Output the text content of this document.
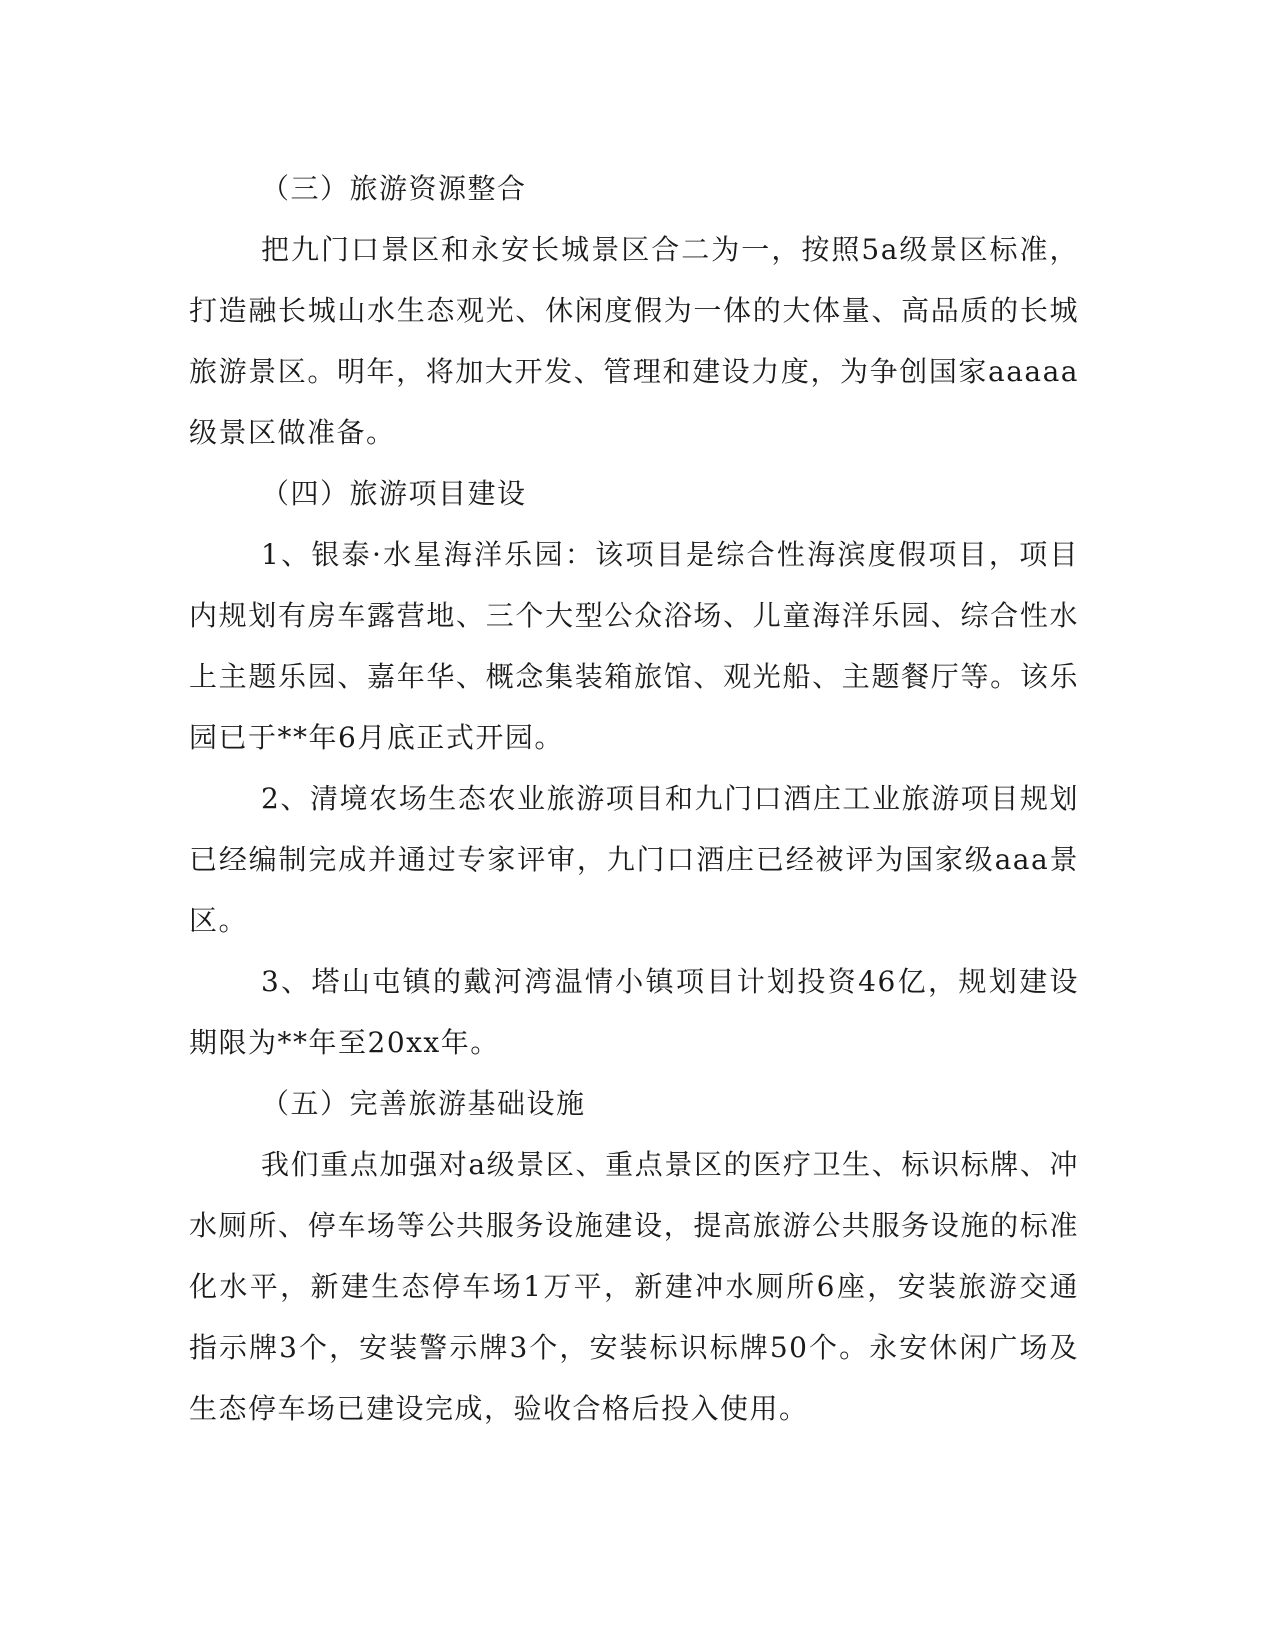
（三）旅游资源整合

把九门口景区和永安长城景区合二为一，按照5a级景区标准，打造融长城山水生态观光、休闲度假为一体的大体量、高品质的长城旅游景区。明年，将加大开发、管理和建设力度，为争创国家aaaaa级景区做准备。

（四）旅游项目建设

1、银泰·水星海洋乐园：该项目是综合性海滨度假项目，项目内规划有房车露营地、三个大型公众浴场、儿童海洋乐园、综合性水上主题乐园、嘉年华、概念集装箱旅馆、观光船、主题餐厅等。该乐园已于**年6月底正式开园。

2、清境农场生态农业旅游项目和九门口酒庄工业旅游项目规划已经编制完成并通过专家评审，九门口酒庄已经被评为国家级aaa景区。

3、塔山屯镇的戴河湾温情小镇项目计划投资46亿，规划建设期限为**年至20xx年。

（五）完善旅游基础设施

我们重点加强对a级景区、重点景区的医疗卫生、标识标牌、冲水厕所、停车场等公共服务设施建设，提高旅游公共服务设施的标准化水平，新建生态停车场1万平，新建冲水厕所6座，安装旅游交通指示牌3个，安装警示牌3个，安装标识标牌50个。永安休闲广场及生态停车场已建设完成，验收合格后投入使用。
